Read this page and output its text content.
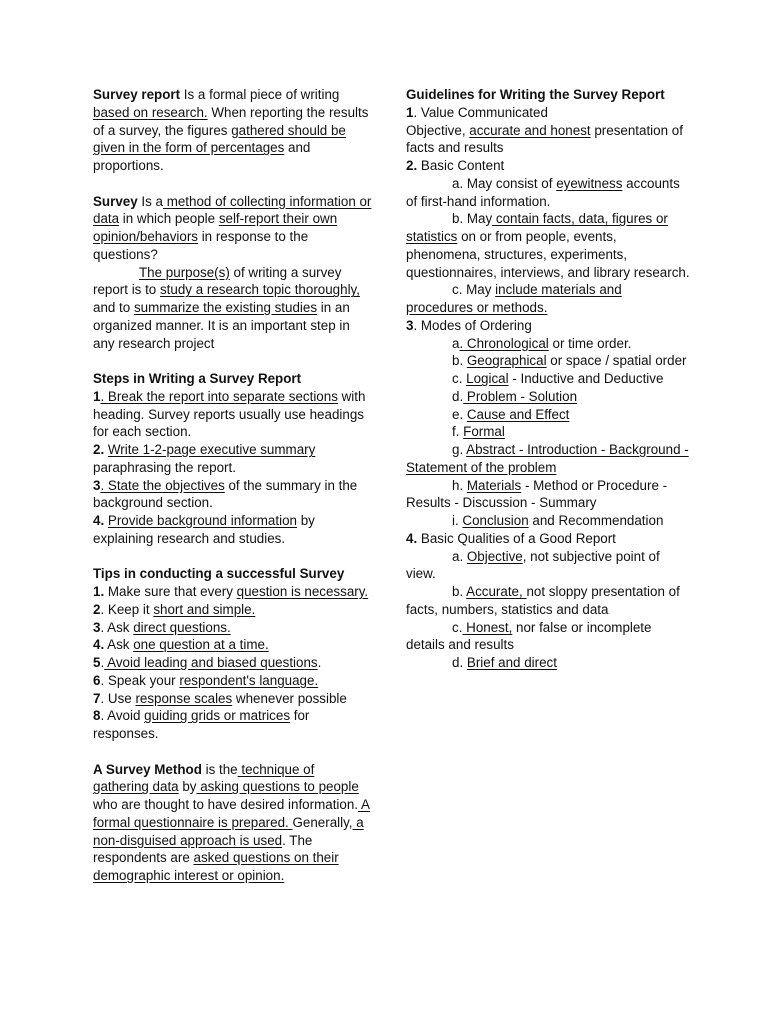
Survey report Is a formal piece of writing based on research. When reporting the results of a survey, the figures gathered should be given in the form of percentages and proportions.

Survey Is a method of collecting information or data in which people self-report their own opinion/behaviors in response to the questions?

The purpose(s) of writing a survey report is to study a research topic thoroughly, and to summarize the existing studies in an organized manner. It is an important step in any research project

Steps in Writing a Survey Report

1. Break the report into separate sections with heading. Survey reports usually use headings for each section.

2. Write 1-2-page executive summary paraphrasing the report.

3. State the objectives of the summary in the background section.

4. Provide background information by explaining research and studies.

Tips in conducting a successful Survey

1. Make sure that every question is necessary.

2. Keep it short and simple.

3. Ask direct questions.

4. Ask one question at a time.

5. Avoid leading and biased questions.

6. Speak your respondent's language.

7. Use response scales whenever possible

8. Avoid guiding grids or matrices for responses.

A Survey Method is the technique of gathering data by asking questions to people who are thought to have desired information. A formal questionnaire is prepared. Generally, a non-disguised approach is used. The respondents are asked questions on their demographic interest or opinion.

Guidelines for Writing the Survey Report

1. Value Communicated

Objective, accurate and honest presentation of facts and results

2. Basic Content

a. May consist of eyewitness accounts of first-hand information.

b. May contain facts, data, figures or statistics on or from people, events, phenomena, structures, experiments, questionnaires, interviews, and library research.

c. May include materials and procedures or methods.

3. Modes of Ordering

a. Chronological or time order.

b. Geographical or space / spatial order

c. Logical - Inductive and Deductive

d. Problem - Solution

e. Cause and Effect

f. Formal

g. Abstract - Introduction - Background - Statement of the problem

h. Materials - Method or Procedure - Results - Discussion - Summary

i. Conclusion and Recommendation

4. Basic Qualities of a Good Report

a. Objective, not subjective point of view.

b. Accurate, not sloppy presentation of facts, numbers, statistics and data

c. Honest, nor false or incomplete details and results

d. Brief and direct
